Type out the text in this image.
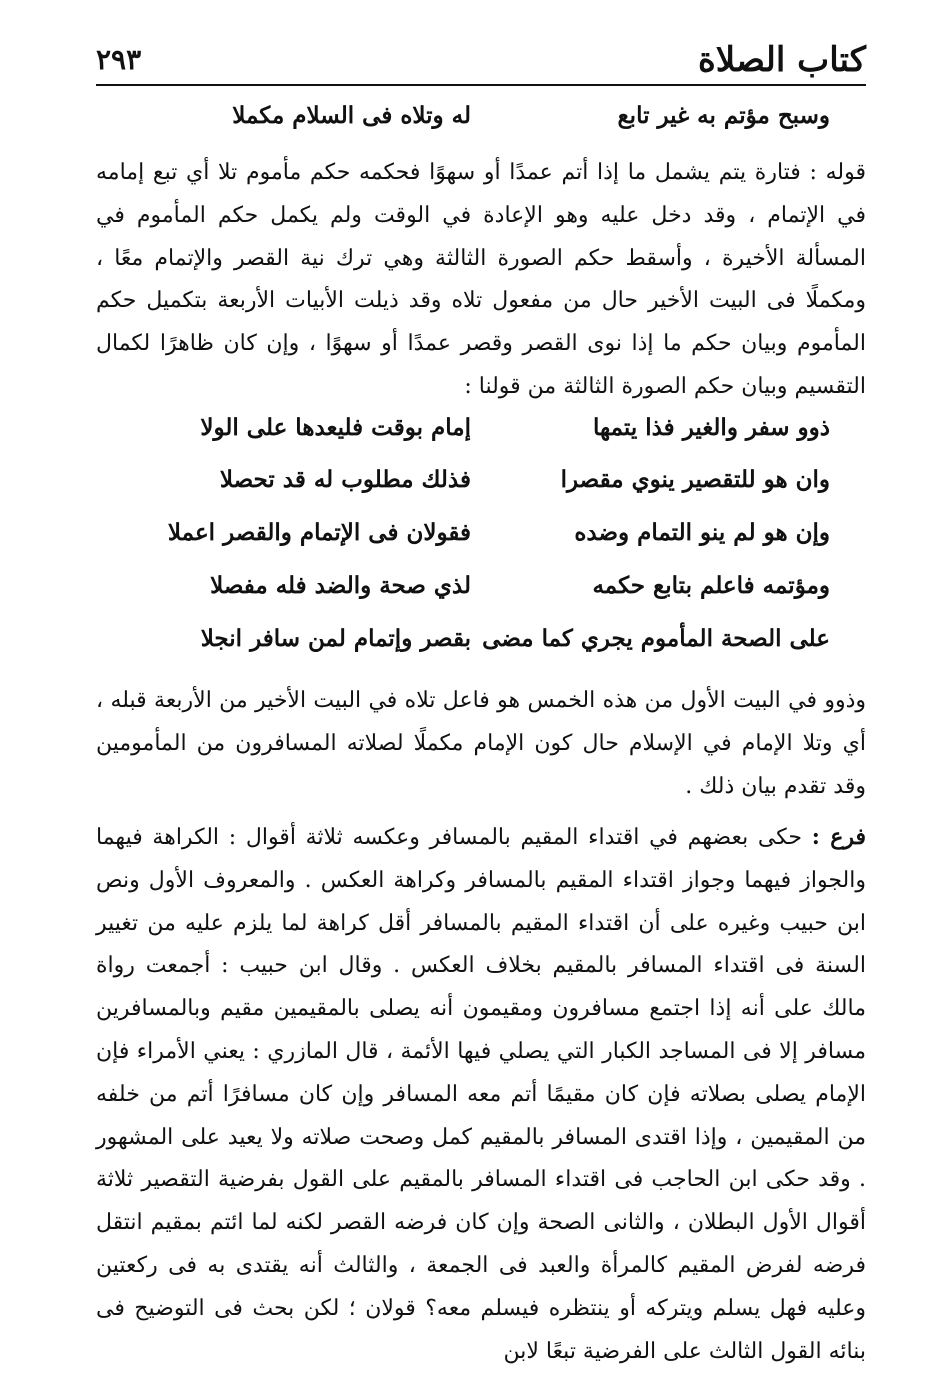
كتاب الصلاة
٢٩٣
وسبح مؤتم به غير تابع
له وتلاه فى السلام مكملا

قوله : فتارة يتم يشمل ما إذا أتم عمدًا أو سهوًا فحكمه حكم مأموم تلا أي تبع إمامه في الإتمام ، وقد دخل عليه وهو الإعادة في الوقت ولم يكمل حكم المأموم في المسألة الأخيرة ، وأسقط حكم الصورة الثالثة وهي ترك نية القصر والإتمام معًا ، ومكملًا فى البيت الأخير حال من مفعول تلاه وقد ذيلت الأبيات الأربعة بتكميل حكم المأموم وبيان حكم ما إذا نوى القصر وقصر عمدًا أو سهوًا ، وإن كان ظاهرًا لكمال التقسيم وبيان حكم الصورة الثالثة من قولنا :

ذوو سفر والغير فذا يتمها
إمام بوقت فليعدها على الولا
وان هو للتقصير ينوي مقصرا
فذلك مطلوب له قد تحصلا
وإن هو لم ينو التمام وضده
فقولان فى الإتمام والقصر اعملا
ومؤتمه فاعلم بتابع حكمه
لذي صحة والضد فله مفصلا
على الصحة المأموم يجري كما مضى
بقصر وإتمام لمن سافر انجلا

وذوو في البيت الأول من هذه الخمس هو فاعل تلاه في البيت الأخير من الأربعة قبله ، أي وتلا الإمام في الإسلام حال كون الإمام مكملًا لصلاته المسافرون من المأمومين وقد تقدم بيان ذلك .

فرع : حكى بعضهم في اقتداء المقيم بالمسافر وعكسه ثلاثة أقوال : الكراهة فيهما والجواز فيهما وجواز اقتداء المقيم بالمسافر وكراهة العكس . والمعروف الأول ونص ابن حبيب وغيره على أن اقتداء المقيم بالمسافر أقل كراهة لما يلزم عليه من تغيير السنة فى اقتداء المسافر بالمقيم بخلاف العكس . وقال ابن حبيب : أجمعت رواة مالك على أنه إذا اجتمع مسافرون ومقيمون أنه يصلى بالمقيمين مقيم وبالمسافرين مسافر إلا فى المساجد الكبار التي يصلي فيها الأئمة ، قال المازري : يعني الأمراء فإن الإمام يصلى بصلاته فإن كان مقيمًا أتم معه المسافر وإن كان مسافرًا أتم من خلفه من المقيمين ، وإذا اقتدى المسافر بالمقيم كمل وصحت صلاته ولا يعيد على المشهور . وقد حكى ابن الحاجب فى اقتداء المسافر بالمقيم على القول بفرضية التقصير ثلاثة أقوال الأول البطلان ، والثانى الصحة وإن كان فرضه القصر لكنه لما ائتم بمقيم انتقل فرضه لفرض المقيم كالمرأة والعبد فى الجمعة ، والثالث أنه يقتدى به فى ركعتين وعليه فهل يسلم ويتركه أو ينتظره فيسلم معه؟ قولان ؛ لكن بحث فى التوضيح فى بنائه القول الثالث على الفرضية تبعًا لابن
